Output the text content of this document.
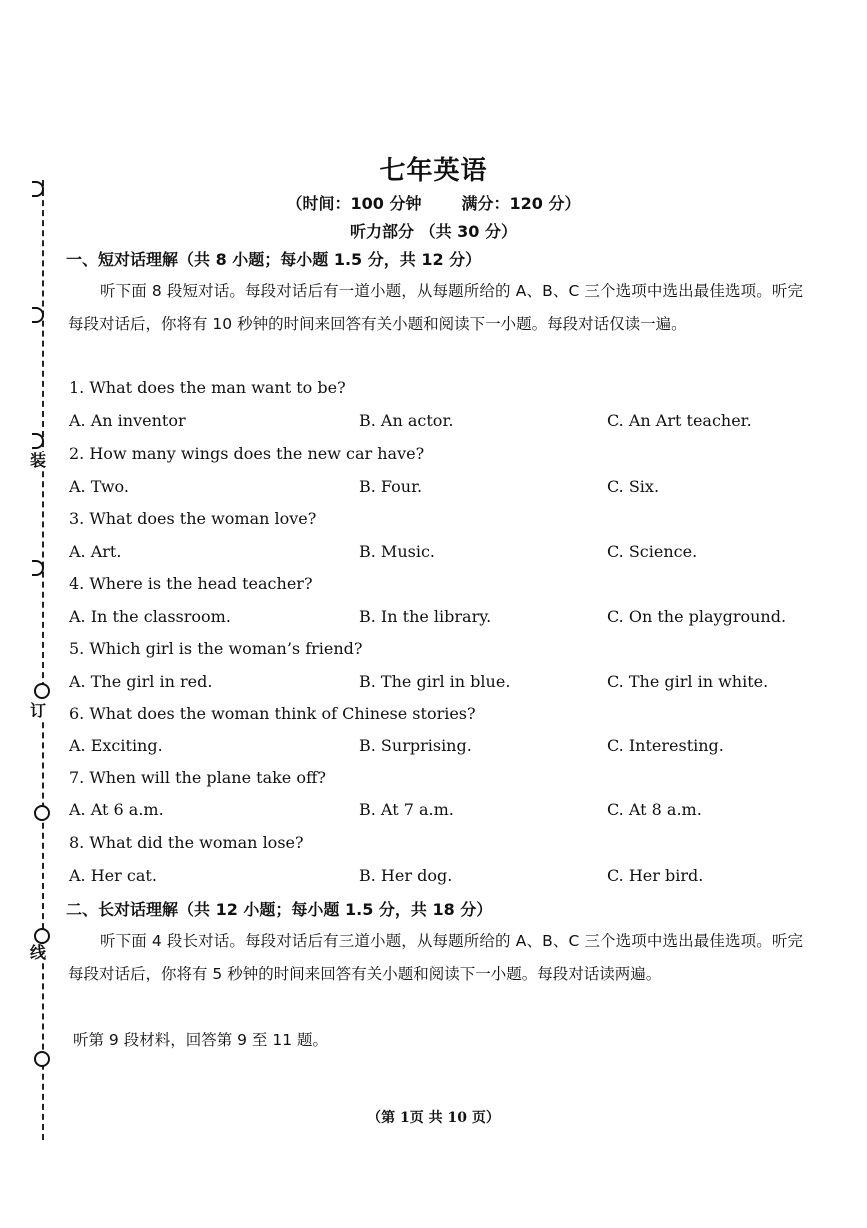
装
订
线
七年英语
（时间：100 分钟	满分：120 分）
听力部分 （共 30 分）
一、短对话理解（共 8 小题；每小题 1.5 分，共 12 分）
听下面 8 段短对话。每段对话后有一道小题，从每题所给的 A、B、C 三个选项中选出最佳选项。听完每段对话后，你将有 10 秒钟的时间来回答有关小题和阅读下一小题。每段对话仅读一遍。
1. What does the man want to be?
A. An inventor	B. An actor.	C. An Art teacher.
2. How many wings does the new car have?
A. Two.	B. Four.	C. Six.
3. What does the woman love?
A. Art.	B. Music.	C. Science.
4. Where is the head teacher?
A. In the classroom.	B. In the library.	C. On the playground.
5. Which girl is the woman’s friend?
A. The girl in red.	B. The girl in blue.	C. The girl in white.
6. What does the woman think of Chinese stories?
A. Exciting.	B. Surprising.	C. Interesting.
7. When will the plane take off?
A. At 6 a.m.	B. At 7 a.m.	C. At 8 a.m.
8. What did the woman lose?
A. Her cat.	B. Her dog.	C. Her bird.
二、长对话理解（共 12 小题；每小题 1.5 分，共 18 分）
听下面 4 段长对话。每段对话后有三道小题，从每题所给的 A、B、C 三个选项中选出最佳选项。听完每段对话后，你将有 5 秒钟的时间来回答有关小题和阅读下一小题。每段对话读两遍。
听第 9 段材料，回答第 9 至 11 题。
（第 1页 共 10 页）
